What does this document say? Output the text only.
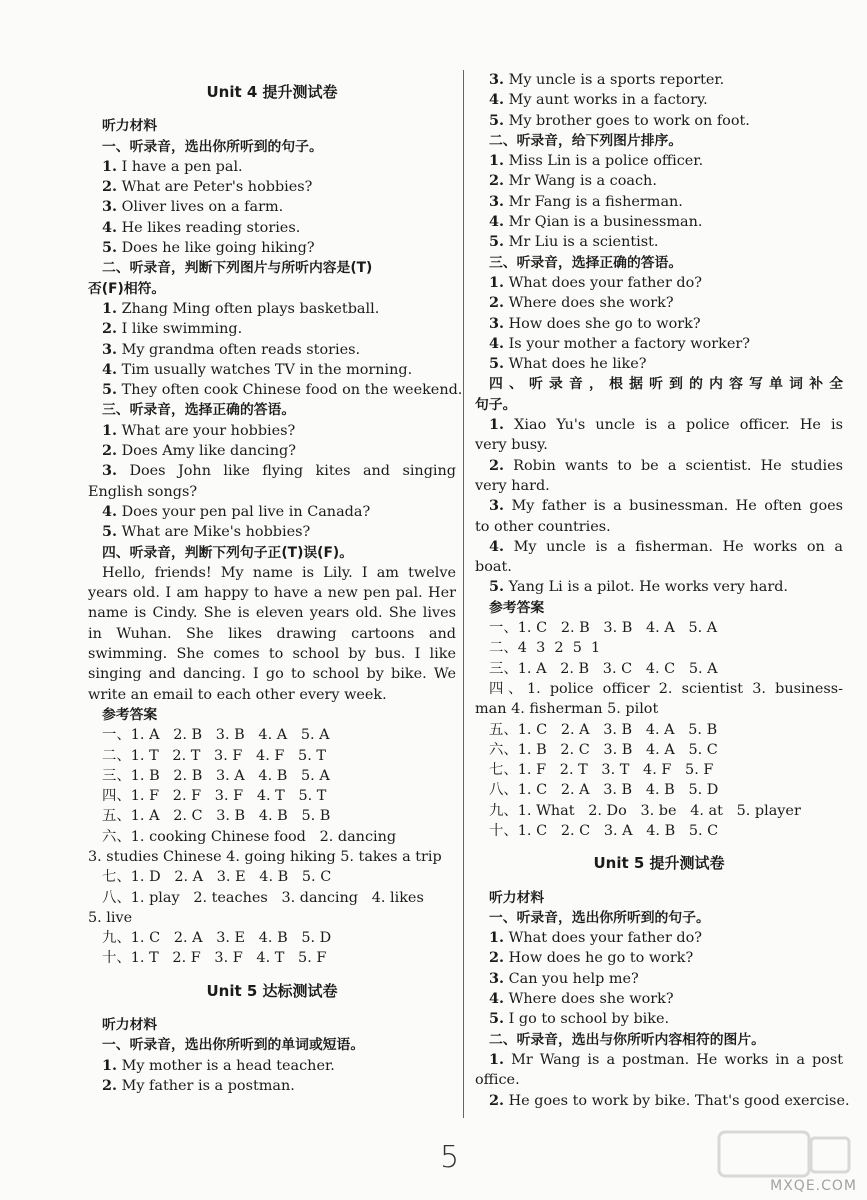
Unit 4 提升测试卷
听力材料
一、听录音，选出你所听到的句子。
1. I have a pen pal.
2. What are Peter's hobbies?
3. Oliver lives on a farm.
4. He likes reading stories.
5. Does he like going hiking?
二、听录音，判断下列图片与所听内容是(T)
否(F)相符。
1. Zhang Ming often plays basketball.
2. I like swimming.
3. My grandma often reads stories.
4. Tim usually watches TV in the morning.
5. They often cook Chinese food on the weekend.
三、听录音，选择正确的答语。
1. What are your hobbies?
2. Does Amy like dancing?
3. Does John like flying kites and singing
English songs?
4. Does your pen pal live in Canada?
5. What are Mike's hobbies?
四、听录音，判断下列句子正(T)误(F)。
Hello, friends! My name is Lily. I am twelve years old. I am happy to have a new pen pal. Her name is Cindy. She is eleven years old. She lives in Wuhan. She likes drawing cartoons and swimming. She comes to school by bus. I like singing and dancing. I go to school by bike. We write an email to each other every week.
参考答案
一、1. A   2. B   3. B   4. A   5. A
二、1. T   2. T   3. F   4. F   5. T
三、1. B   2. B   3. A   4. B   5. A
四、1. F   2. F   3. F   4. T   5. T
五、1. A   2. C   3. B   4. B   5. B
六、1. cooking Chinese food   2. dancing
3. studies Chinese 4. going hiking 5. takes a trip
七、1. D   2. A   3. E   4. B   5. C
八、1. play   2. teaches   3. dancing   4. likes
5. live
九、1. C   2. A   3. E   4. B   5. D
十、1. T   2. F   3. F   4. T   5. F
Unit 5 达标测试卷
听力材料
一、听录音，选出你所听到的单词或短语。
1. My mother is a head teacher.
2. My father is a postman.
3. My uncle is a sports reporter.
4. My aunt works in a factory.
5. My brother goes to work on foot.
二、听录音，给下列图片排序。
1. Miss Lin is a police officer.
2. Mr Wang is a coach.
3. Mr Fang is a fisherman.
4. Mr Qian is a businessman.
5. Mr Liu is a scientist.
三、听录音，选择正确的答语。
1. What does your father do?
2. Where does she work?
3. How does she go to work?
4. Is your mother a factory worker?
5. What does he like?
四、听录音，根据听到的内容写单词补全
句子。
1. Xiao Yu's uncle is a police officer. He is
very busy.
2. Robin wants to be a scientist. He studies
very hard.
3. My father is a businessman. He often goes
to other countries.
4. My uncle is a fisherman. He works on a
boat.
5. Yang Li is a pilot. He works very hard.
参考答案
一、1. C   2. B   3. B   4. A   5. A
二、4  3  2  5  1
三、1. A   2. B   3. C   4. C   5. A
四、1. police officer 2. scientist 3. business-
man 4. fisherman 5. pilot
五、1. C   2. A   3. B   4. A   5. B
六、1. B   2. C   3. B   4. A   5. C
七、1. F   2. T   3. T   4. F   5. F
八、1. C   2. A   3. B   4. B   5. D
九、1. What   2. Do   3. be   4. at   5. player
十、1. C   2. C   3. A   4. B   5. C
Unit 5 提升测试卷
听力材料
一、听录音，选出你所听到的句子。
1. What does your father do?
2. How does he go to work?
3. Can you help me?
4. Where does she work?
5. I go to school by bike.
二、听录音，选出与你所听内容相符的图片。
1. Mr Wang is a postman. He works in a post
office.
2. He goes to work by bike. That's good exercise.
5
MXQE.COM
